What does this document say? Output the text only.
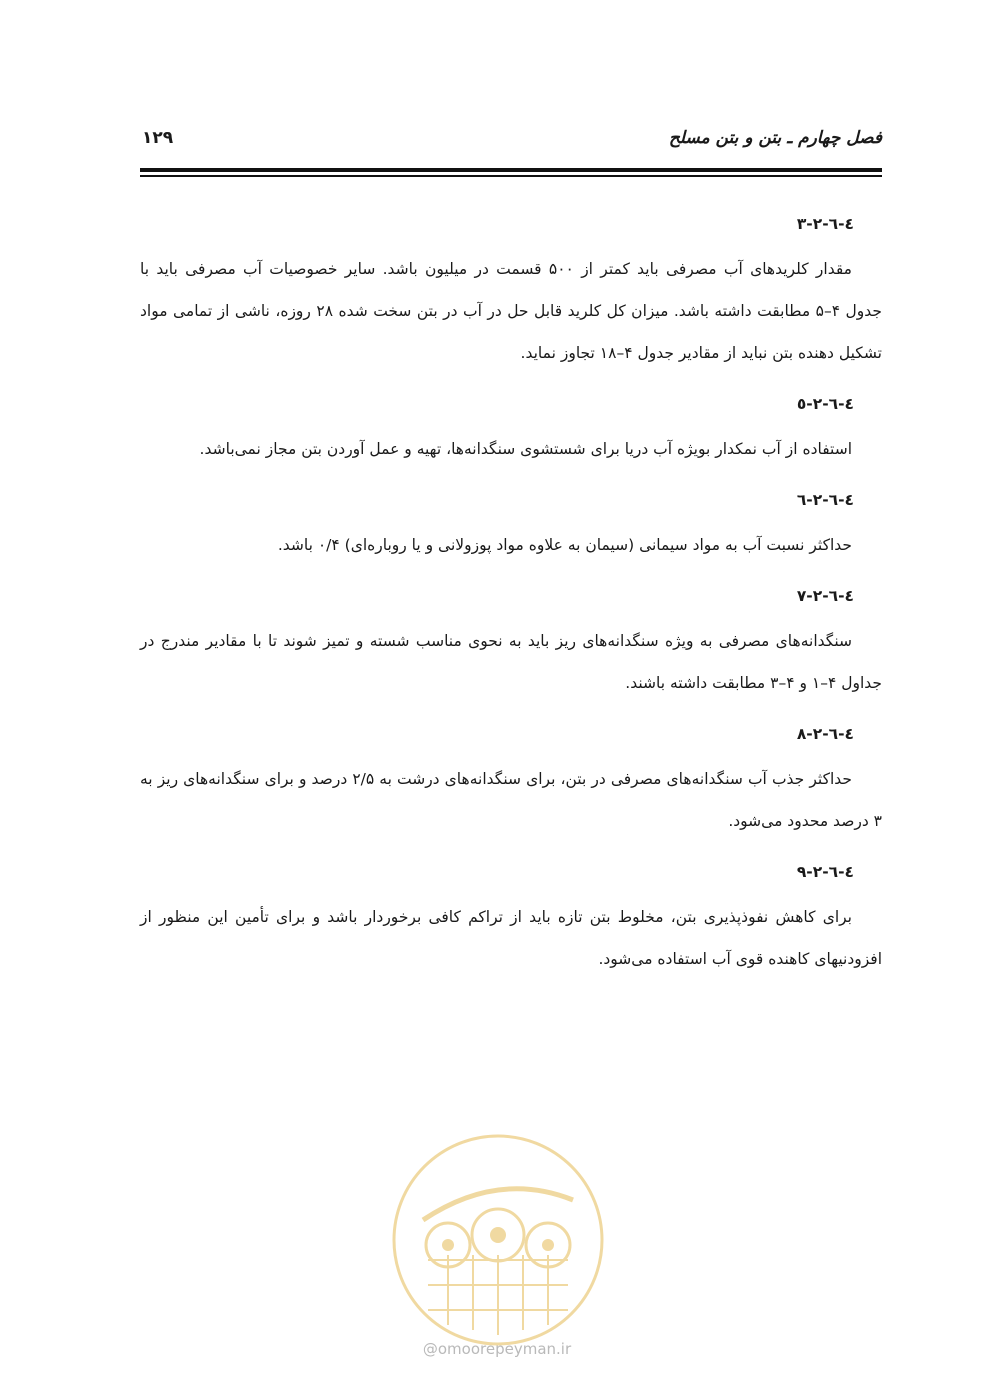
فصل چهارم ـ بتن و بتن مسلح
۱۲۹
٤-٦-٢-٣

مقدار کلریدهای آب مصرفی باید کمتر از ۵۰۰ قسمت در میلیون باشد. سایر خصوصیات آب مصرفی باید با جدول ۴–۵ مطابقت داشته باشد. میزان کل کلرید قابل حل در آب در بتن سخت شده ۲۸ روزه، ناشی از تمامی مواد تشکیل دهنده بتن نباید از مقادیر جدول ۴–۱۸ تجاوز نماید.

٤-٦-٢-٥

استفاده از آب نمکدار بویژه آب دریا برای شستشوی سنگدانه‌ها، تهیه و عمل آوردن بتن مجاز نمی‌باشد.

٤-٦-٢-٦

حداکثر نسبت آب به مواد سیمانی (سیمان به علاوه مواد پوزولانی و یا روباره‌ای) ۰/۴ باشد.

٤-٦-٢-٧

سنگدانه‌های مصرفی به ویژه سنگدانه‌های ریز باید به نحوی مناسب شسته و تمیز شوند تا با مقادیر مندرج در جداول ۴–۱ و ۴–۳ مطابقت داشته باشند.

٤-٦-٢-٨

حداکثر جذب آب سنگدانه‌های مصرفی در بتن، برای سنگدانه‌های درشت به ۲/۵ درصد و برای سنگدانه‌های ریز به ۳ درصد محدود می‌شود.

٤-٦-٢-٩

برای کاهش نفوذپذیری بتن، مخلوط بتن تازه باید از تراکم کافی برخوردار باشد و برای تأمین این منظور از افزودنیهای کاهنده قوی آب استفاده می‌شود.

@omoorepeyman.ir
